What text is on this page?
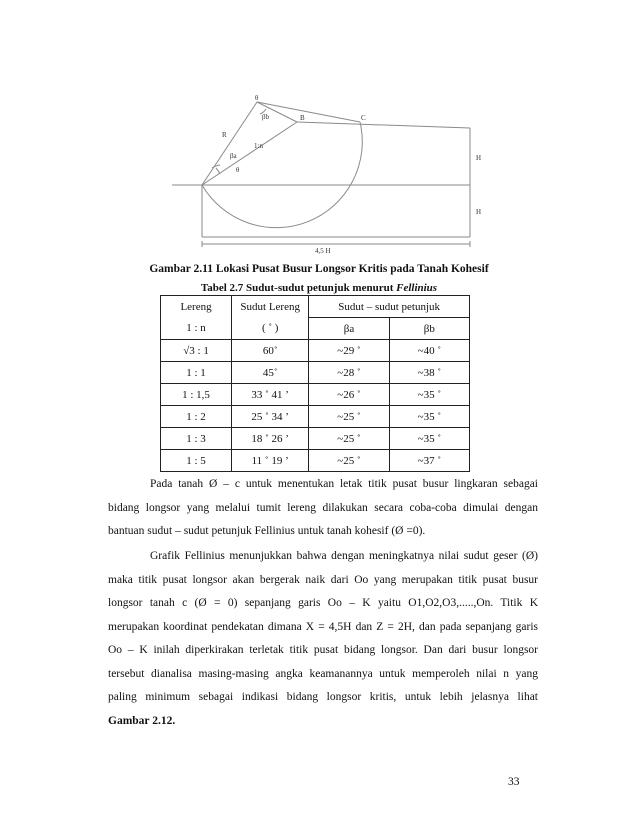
θ
βb	B	C
R
1:n
βa
θ
H
H
4,5 H
Gambar 2.11 Lokasi Pusat Busur Longsor Kritis pada Tanah Kohesif
Tabel 2.7 Sudut-sudut petunjuk menurut Fellinius
Lereng	Sudut Lereng	Sudut – sudut petunjuk	
1 : n	( ˚ )	βa	βb
√3 : 1	60˚	~29 ˚	~40 ˚
1 : 1	45˚	~28 ˚	~38 ˚
1 : 1,5	33 ˚ 41 ’	~26 ˚	~35 ˚
1 : 2	25 ˚ 34 ’	~25 ˚	~35 ˚
1 : 3	18 ˚ 26 ’	~25 ˚	~35 ˚
1 : 5	11 ˚ 19 ’	~25 ˚	~37 ˚
Pada tanah Ø – c untuk menentukan letak titik pusat busur lingkaran sebagai
bidang longsor yang melalui tumit lereng dilakukan secara coba-coba dimulai dengan
bantuan sudut – sudut petunjuk Fellinius untuk tanah kohesif (Ø =0).
Grafik Fellinius menunjukkan bahwa dengan meningkatnya nilai sudut geser (Ø)
maka titik pusat longsor akan bergerak naik dari Oo yang merupakan titik pusat busur
longsor tanah c (Ø = 0) sepanjang garis Oo – K yaitu O1,O2,O3,.....,On. Titik K
merupakan koordinat pendekatan dimana X = 4,5H dan Z = 2H, dan pada sepanjang garis
Oo – K inilah diperkirakan terletak titik pusat bidang longsor. Dan dari busur longsor
tersebut dianalisa masing-masing angka keamanannya untuk memperoleh nilai n yang
paling minimum sebagai indikasi bidang longsor kritis, untuk lebih jelasnya lihat
Gambar 2.12.
33
